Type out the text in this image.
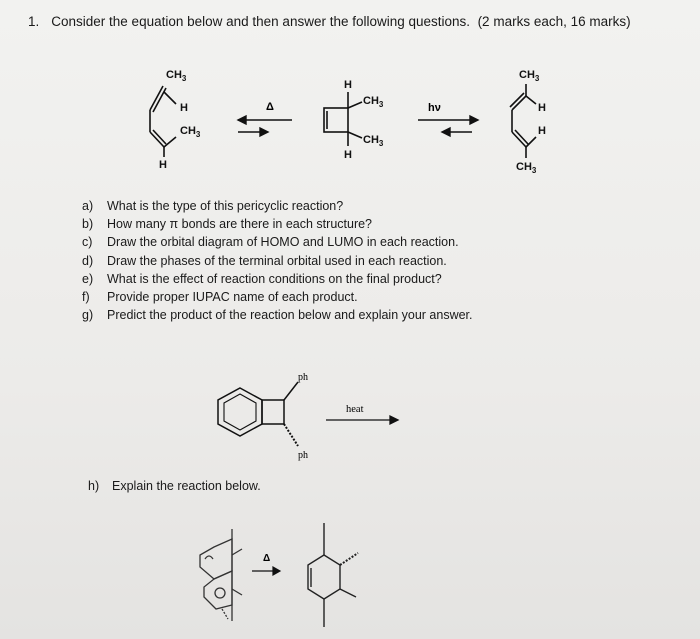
1. Consider the equation below and then answer the following questions. (2 marks each, 16 marks)
$CH_3$
H
$CH_3$
H
Δ
H
$CH_3$
$CH_3$
H
hν
$CH_3$
H
H
$CH_3$
a) What is the type of this pericyclic reaction?
b) How many π bonds are there in each structure?
c) Draw the orbital diagram of HOMO and LUMO in each reaction.
d) Draw the phases of the terminal orbital used in each reaction.
e) What is the effect of reaction conditions on the final product?
f) Provide proper IUPAC name of each product.
g) Predict the product of the reaction below and explain your answer.
ph
ph
heat
h) Explain the reaction below.
Δ
